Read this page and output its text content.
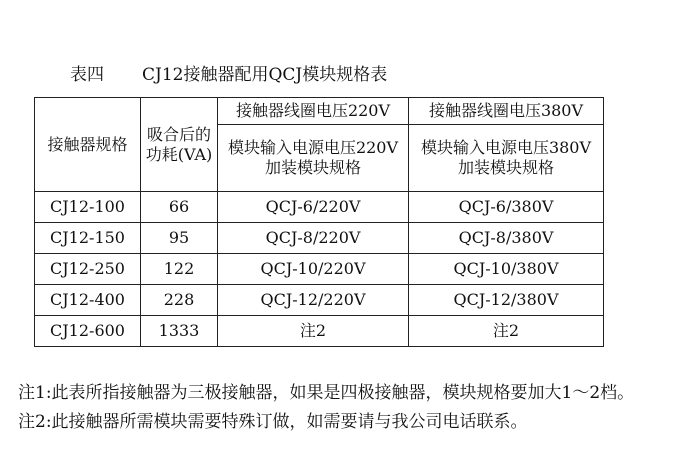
表四 CJ12接触器配用QCJ模块规格表
接触器规格	吸合后的功耗(VA)	接触器线圈电压220V	接触器线圈电压380V
		模块输入电源电压220V加装模块规格	模块输入电源电压380V加装模块规格
CJ12-100	66	QCJ-6/220V	QCJ-6/380V
CJ12-150	95	QCJ-8/220V	QCJ-8/380V
CJ12-250	122	QCJ-10/220V	QCJ-10/380V
CJ12-400	228	QCJ-12/220V	QCJ-12/380V
CJ12-600	1333	注2	注2
注1:此表所指接触器为三极接触器，如果是四极接触器，模块规格要加大1～2档。
注2:此接触器所需模块需要特殊订做，如需要请与我公司电话联系。
